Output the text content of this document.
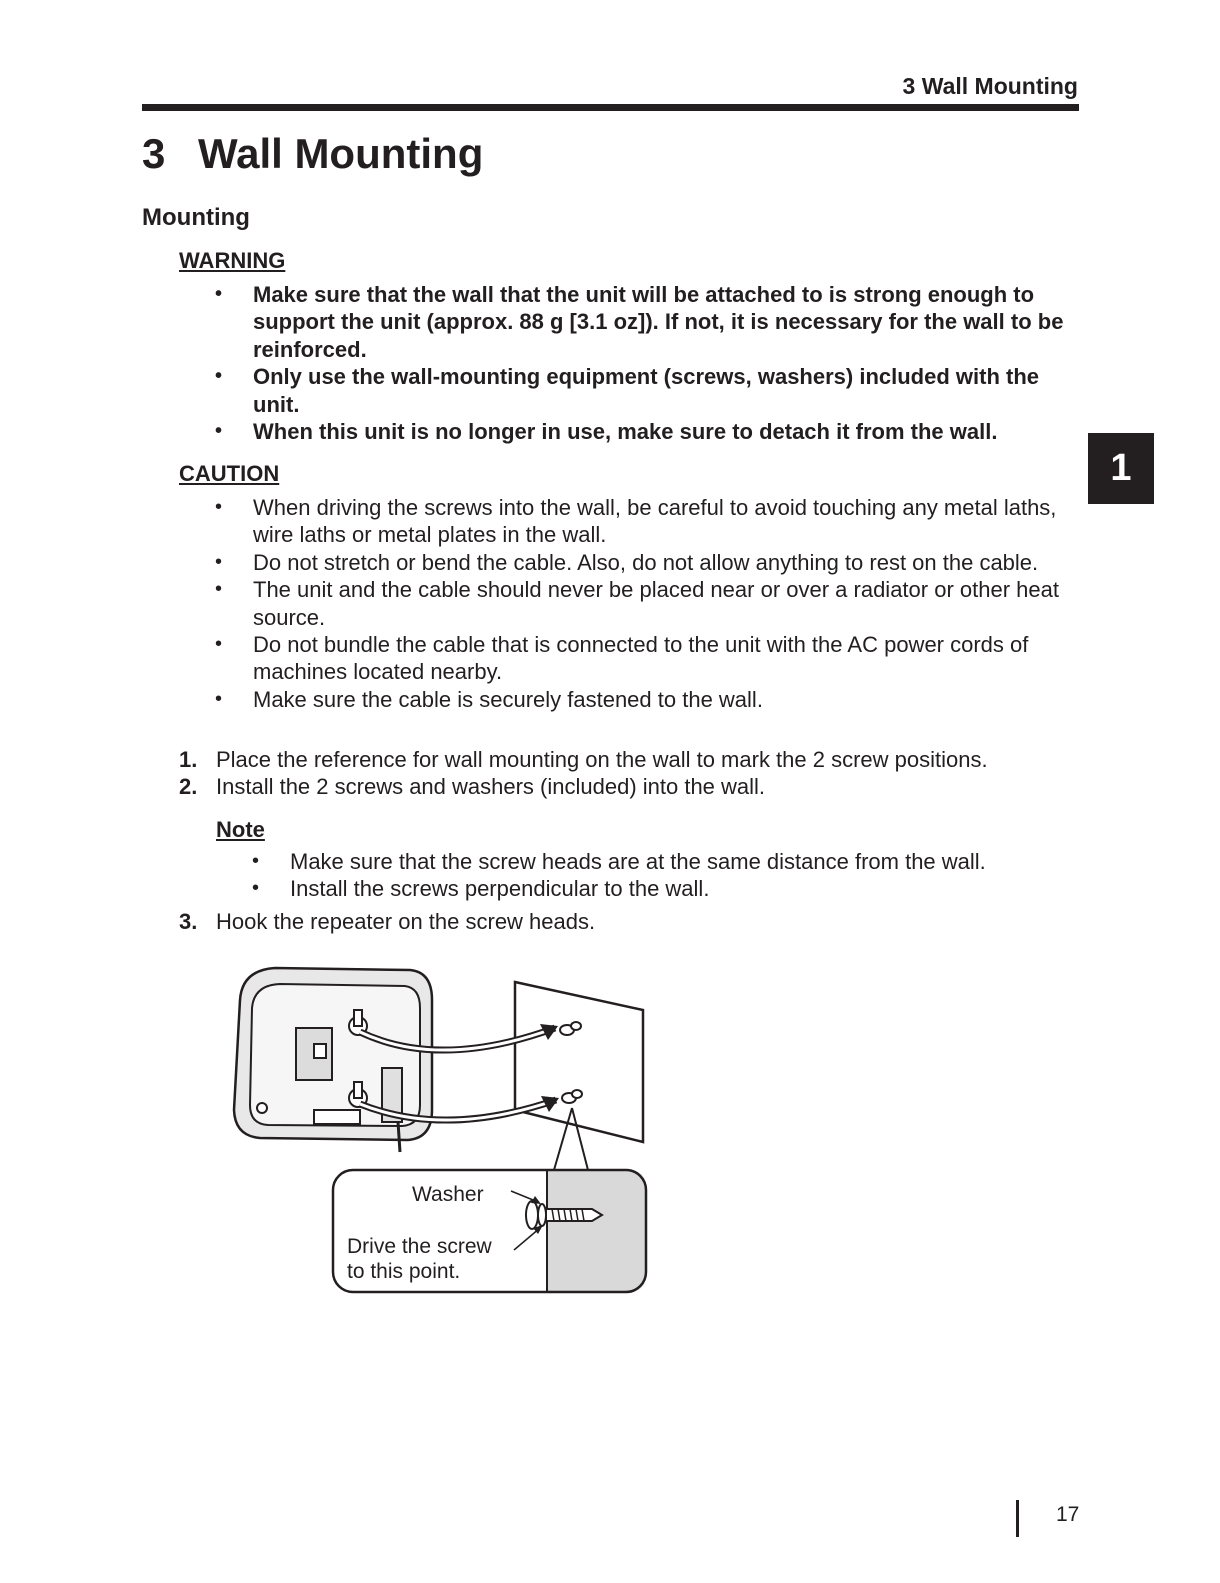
3 Wall Mounting
3 Wall Mounting
Mounting
WARNING
• Make sure that the wall that the unit will be attached to is strong enough to support the unit (approx. 88 g [3.1 oz]). If not, it is necessary for the wall to be reinforced.
• Only use the wall-mounting equipment (screws, washers) included with the unit.
• When this unit is no longer in use, make sure to detach it from the wall.
CAUTION
• When driving the screws into the wall, be careful to avoid touching any metal laths, wire laths or metal plates in the wall.
• Do not stretch or bend the cable. Also, do not allow anything to rest on the cable.
• The unit and the cable should never be placed near or over a radiator or other heat source.
• Do not bundle the cable that is connected to the unit with the AC power cords of machines located nearby.
• Make sure the cable is securely fastened to the wall.
1. Place the reference for wall mounting on the wall to mark the 2 screw positions.
2. Install the 2 screws and washers (included) into the wall.
Note
• Make sure that the screw heads are at the same distance from the wall.
• Install the screws perpendicular to the wall.
3. Hook the repeater on the screw heads.
Washer
Drive the screw
to this point.
1
17
